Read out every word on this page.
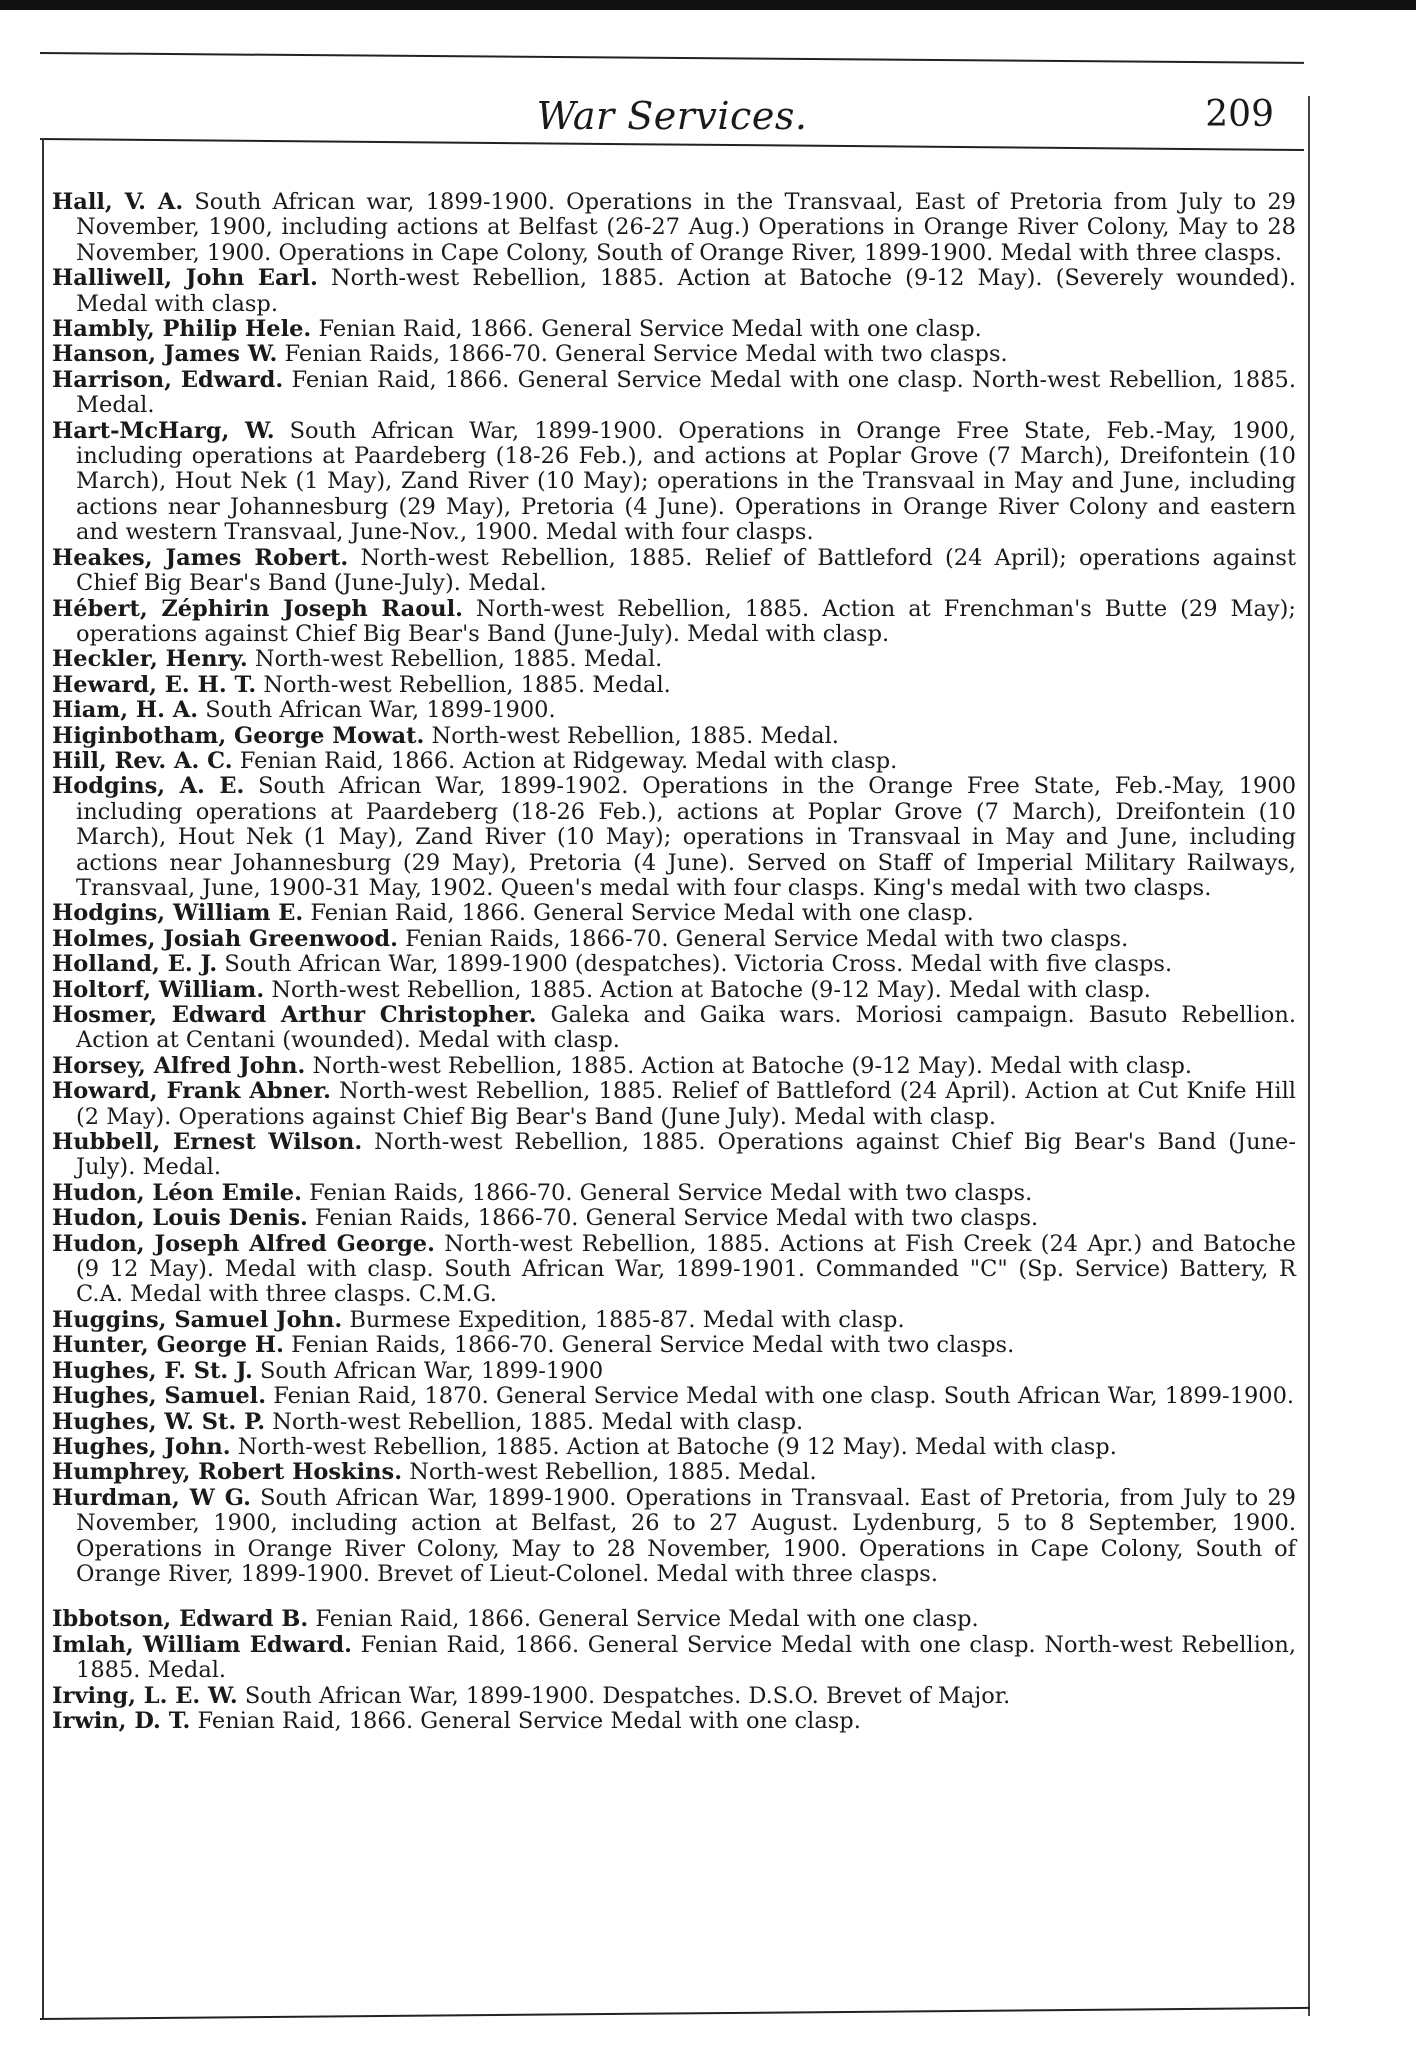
War Services.	209

Hall, V. A. South African war, 1899-1900. Operations in the Transvaal, East of Pretoria from July to 29 November, 1900, including actions at Belfast (26-27 Aug.) Operations in Orange River Colony, May to 28 November, 1900. Operations in Cape Colony, South of Orange River, 1899-1900. Medal with three clasps.

Halliwell, John Earl. North-west Rebellion, 1885. Action at Batoche (9-12 May). (Severely wounded). Medal with clasp.

Hambly, Philip Hele. Fenian Raid, 1866. General Service Medal with one clasp.

Hanson, James W. Fenian Raids, 1866-70. General Service Medal with two clasps.

Harrison, Edward. Fenian Raid, 1866. General Service Medal with one clasp. North-west Rebellion, 1885. Medal.

Hart-McHarg, W. South African War, 1899-1900. Operations in Orange Free State, Feb.-May, 1900, including operations at Paardeberg (18-26 Feb.), and actions at Poplar Grove (7 March), Dreifontein (10 March), Hout Nek (1 May), Zand River (10 May); operations in the Transvaal in May and June, including actions near Johannesburg (29 May), Pretoria (4 June). Operations in Orange River Colony and eastern and western Transvaal, June-Nov., 1900. Medal with four clasps.

Heakes, James Robert. North-west Rebellion, 1885. Relief of Battleford (24 April); operations against Chief Big Bear's Band (June-July). Medal.

Hébert, Zéphirin Joseph Raoul. North-west Rebellion, 1885. Action at Frenchman's Butte (29 May); operations against Chief Big Bear's Band (June-July). Medal with clasp.

Heckler, Henry. North-west Rebellion, 1885. Medal.

Heward, E. H. T. North-west Rebellion, 1885. Medal.

Hiam, H. A. South African War, 1899-1900.

Higinbotham, George Mowat. North-west Rebellion, 1885. Medal.

Hill, Rev. A. C. Fenian Raid, 1866. Action at Ridgeway. Medal with clasp.

Hodgins, A. E. South African War, 1899-1902. Operations in the Orange Free State, Feb.-May, 1900 including operations at Paardeberg (18-26 Feb.), actions at Poplar Grove (7 March), Dreifontein (10 March), Hout Nek (1 May), Zand River (10 May); operations in Transvaal in May and June, including actions near Johannesburg (29 May), Pretoria (4 June). Served on Staff of Imperial Military Railways, Transvaal, June, 1900-31 May, 1902. Queen's medal with four clasps. King's medal with two clasps.

Hodgins, William E. Fenian Raid, 1866. General Service Medal with one clasp.

Holmes, Josiah Greenwood. Fenian Raids, 1866-70. General Service Medal with two clasps.

Holland, E. J. South African War, 1899-1900 (despatches). Victoria Cross. Medal with five clasps.

Holtorf, William. North-west Rebellion, 1885. Action at Batoche (9-12 May). Medal with clasp.

Hosmer, Edward Arthur Christopher. Galeka and Gaika wars. Moriosi campaign. Basuto Rebellion. Action at Centani (wounded). Medal with clasp.

Horsey, Alfred John. North-west Rebellion, 1885. Action at Batoche (9-12 May). Medal with clasp.

Howard, Frank Abner. North-west Rebellion, 1885. Relief of Battleford (24 April). Action at Cut Knife Hill (2 May). Operations against Chief Big Bear's Band (June July). Medal with clasp.

Hubbell, Ernest Wilson. North-west Rebellion, 1885. Operations against Chief Big Bear's Band (June-July). Medal.

Hudon, Léon Emile. Fenian Raids, 1866-70. General Service Medal with two clasps.

Hudon, Louis Denis. Fenian Raids, 1866-70. General Service Medal with two clasps.

Hudon, Joseph Alfred George. North-west Rebellion, 1885. Actions at Fish Creek (24 Apr.) and Batoche (9 12 May). Medal with clasp. South African War, 1899-1901. Commanded "C" (Sp. Service) Battery, R C.A. Medal with three clasps. C.M.G.

Huggins, Samuel John. Burmese Expedition, 1885-87. Medal with clasp.

Hunter, George H. Fenian Raids, 1866-70. General Service Medal with two clasps.

Hughes, F. St. J. South African War, 1899-1900

Hughes, Samuel. Fenian Raid, 1870. General Service Medal with one clasp. South African War, 1899-1900.

Hughes, W. St. P. North-west Rebellion, 1885. Medal with clasp.

Hughes, John. North-west Rebellion, 1885. Action at Batoche (9 12 May). Medal with clasp.

Humphrey, Robert Hoskins. North-west Rebellion, 1885. Medal.

Hurdman, W G. South African War, 1899-1900. Operations in Transvaal. East of Pretoria, from July to 29 November, 1900, including action at Belfast, 26 to 27 August. Lydenburg, 5 to 8 September, 1900. Operations in Orange River Colony, May to 28 November, 1900. Operations in Cape Colony, South of Orange River, 1899-1900. Brevet of Lieut-Colonel. Medal with three clasps.

Ibbotson, Edward B. Fenian Raid, 1866. General Service Medal with one clasp.

Imlah, William Edward. Fenian Raid, 1866. General Service Medal with one clasp. North-west Rebellion, 1885. Medal.

Irving, L. E. W. South African War, 1899-1900. Despatches. D.S.O. Brevet of Major.

Irwin, D. T. Fenian Raid, 1866. General Service Medal with one clasp.
